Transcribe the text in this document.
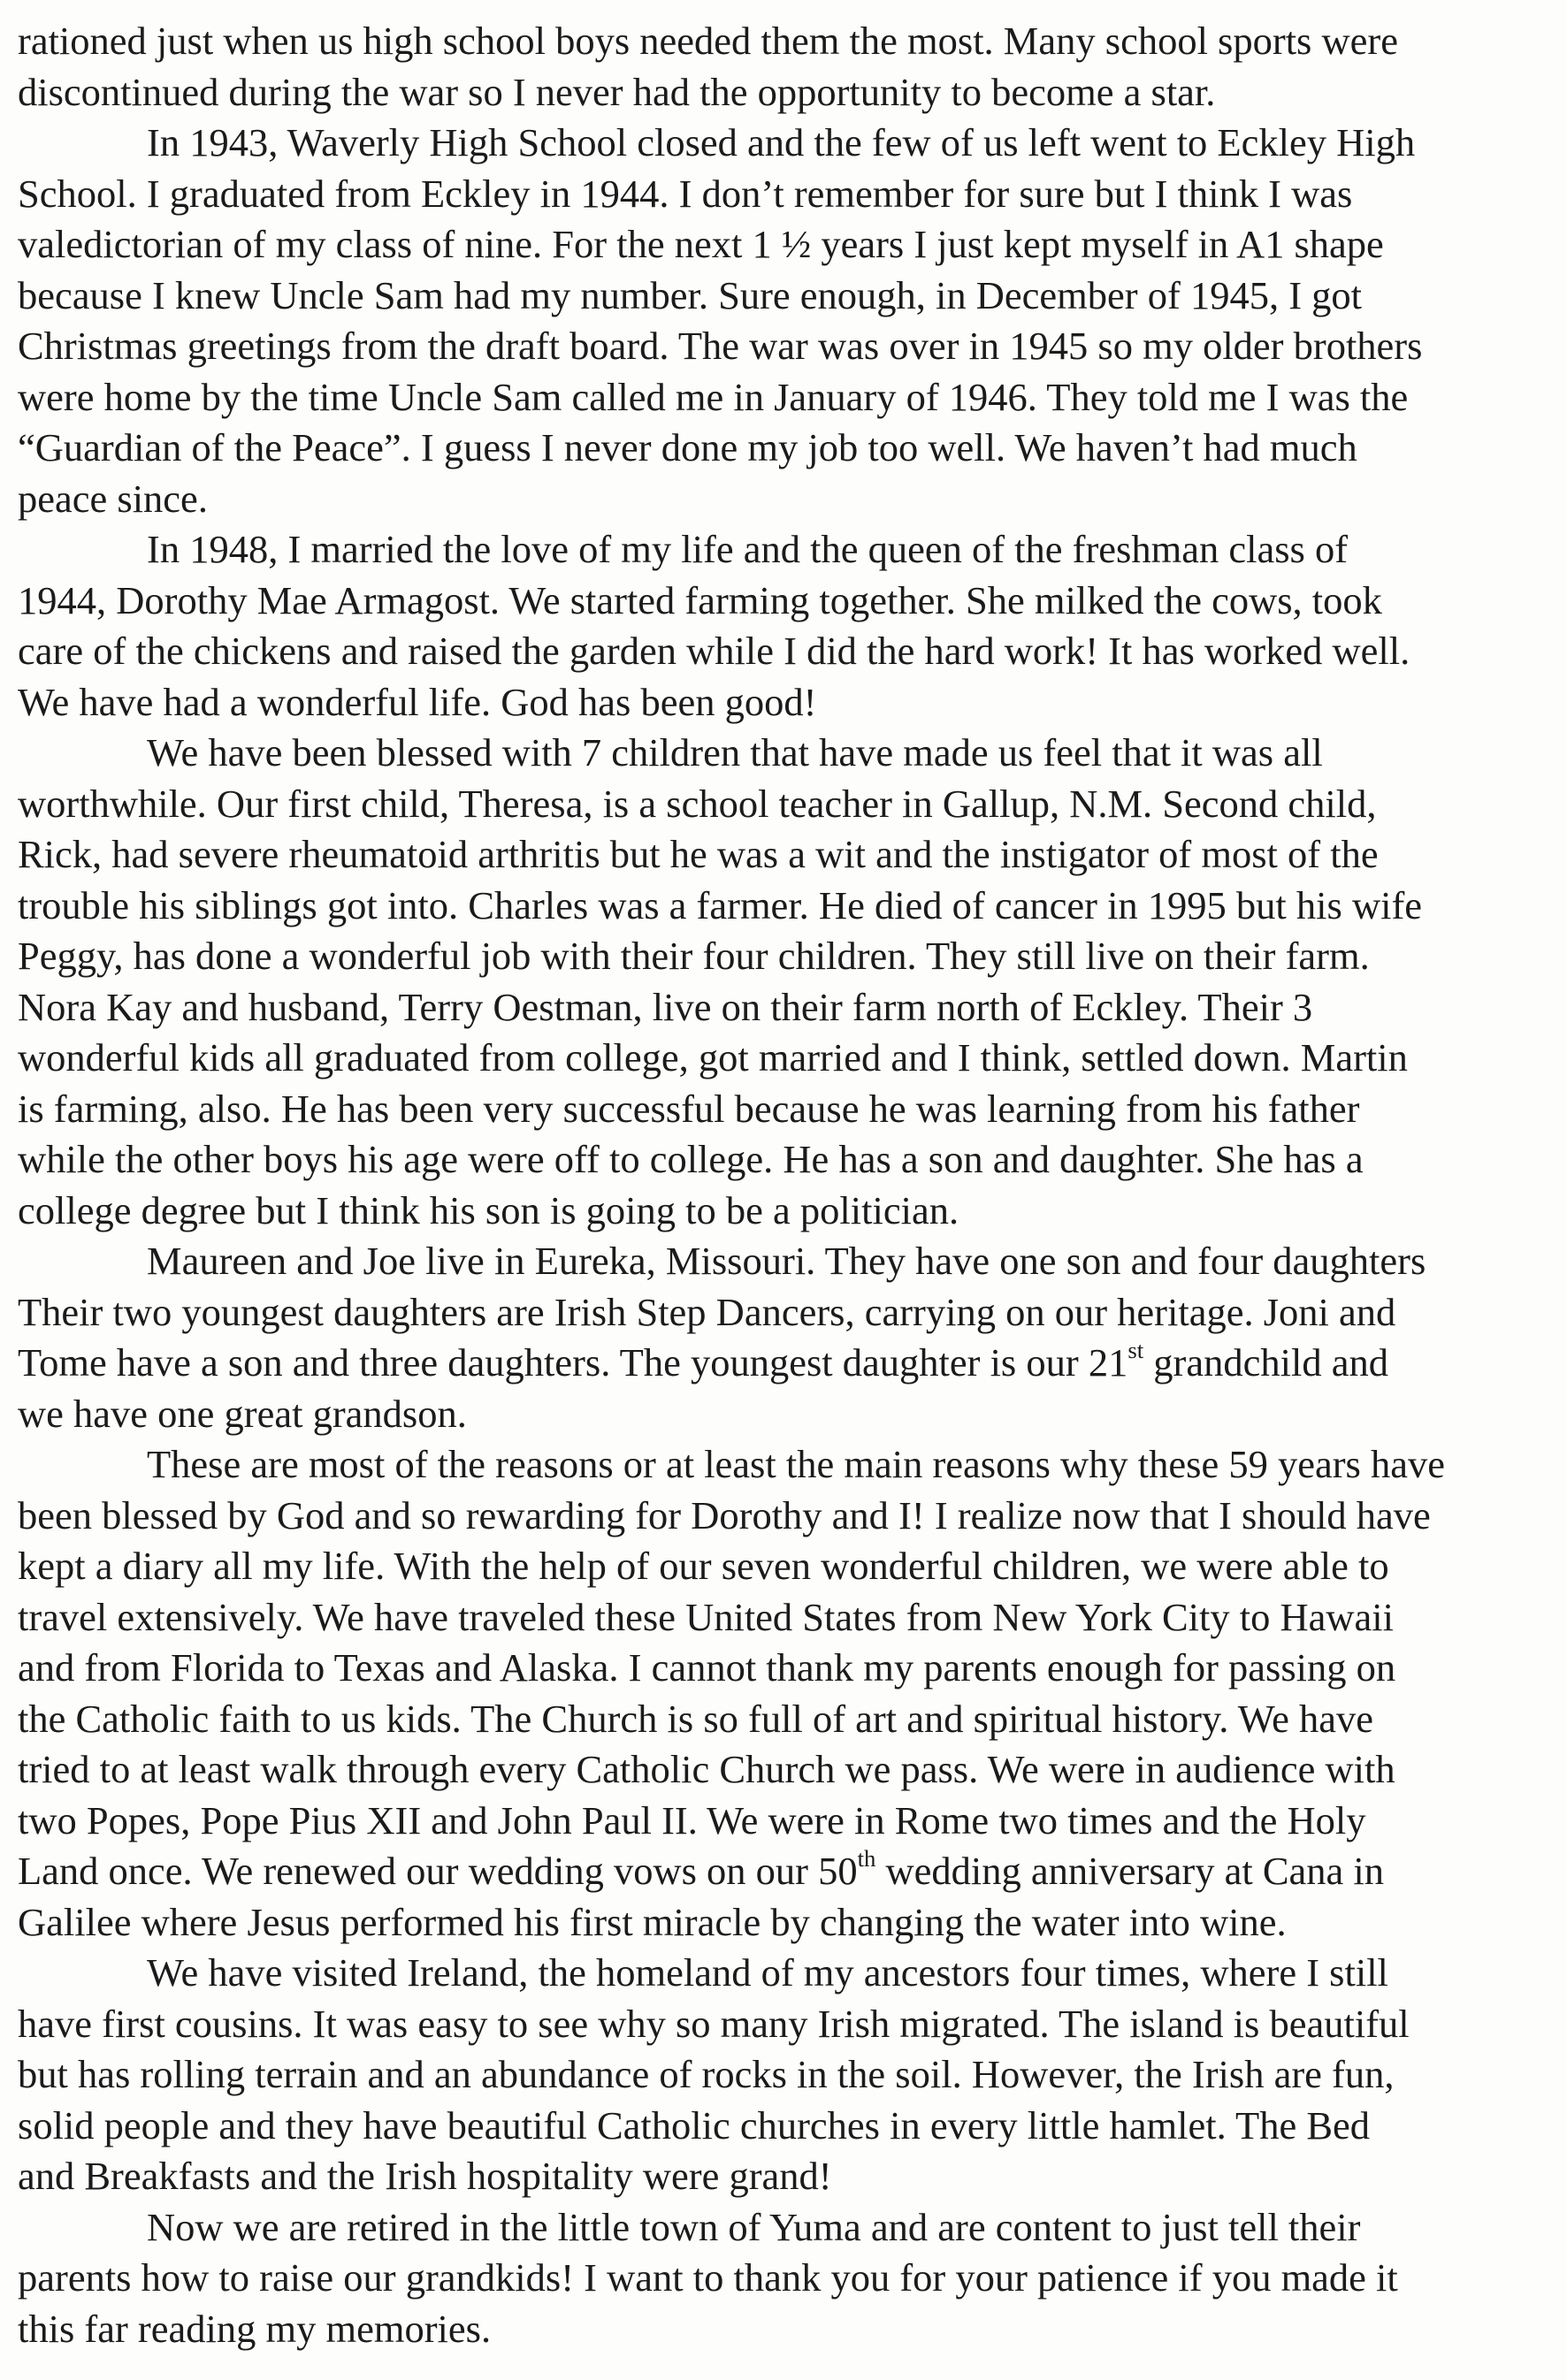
rationed just when us high school boys needed them the most. Many school sports were
discontinued during the war so I never had the opportunity to become a star.
In 1943, Waverly High School closed and the few of us left went to Eckley High
School. I graduated from Eckley in 1944. I don’t remember for sure but I think I was
valedictorian of my class of nine. For the next 1 ½ years I just kept myself in A1 shape
because I knew Uncle Sam had my number. Sure enough, in December of 1945, I got
Christmas greetings from the draft board. The war was over in 1945 so my older brothers
were home by the time Uncle Sam called me in January of 1946. They told me I was the
“Guardian of the Peace”. I guess I never done my job too well. We haven’t had much
peace since.
In 1948, I married the love of my life and the queen of the freshman class of
1944, Dorothy Mae Armagost. We started farming together. She milked the cows, took
care of the chickens and raised the garden while I did the hard work! It has worked well.
We have had a wonderful life. God has been good!
We have been blessed with 7 children that have made us feel that it was all
worthwhile. Our first child, Theresa, is a school teacher in Gallup, N.M. Second child,
Rick, had severe rheumatoid arthritis but he was a wit and the instigator of most of the
trouble his siblings got into. Charles was a farmer. He died of cancer in 1995 but his wife
Peggy, has done a wonderful job with their four children. They still live on their farm.
Nora Kay and husband, Terry Oestman, live on their farm north of Eckley. Their 3
wonderful kids all graduated from college, got married and I think, settled down. Martin
is farming, also. He has been very successful because he was learning from his father
while the other boys his age were off to college. He has a son and daughter. She has a
college degree but I think his son is going to be a politician.
Maureen and Joe live in Eureka, Missouri. They have one son and four daughters
Their two youngest daughters are Irish Step Dancers, carrying on our heritage. Joni and
Tome have a son and three daughters. The youngest daughter is our 21st grandchild and
we have one great grandson.
These are most of the reasons or at least the main reasons why these 59 years have
been blessed by God and so rewarding for Dorothy and I! I realize now that I should have
kept a diary all my life. With the help of our seven wonderful children, we were able to
travel extensively. We have traveled these United States from New York City to Hawaii
and from Florida to Texas and Alaska. I cannot thank my parents enough for passing on
the Catholic faith to us kids. The Church is so full of art and spiritual history. We have
tried to at least walk through every Catholic Church we pass. We were in audience with
two Popes, Pope Pius XII and John Paul II. We were in Rome two times and the Holy
Land once. We renewed our wedding vows on our 50th wedding anniversary at Cana in
Galilee where Jesus performed his first miracle by changing the water into wine.
We have visited Ireland, the homeland of my ancestors four times, where I still
have first cousins. It was easy to see why so many Irish migrated. The island is beautiful
but has rolling terrain and an abundance of rocks in the soil. However, the Irish are fun,
solid people and they have beautiful Catholic churches in every little hamlet. The Bed
and Breakfasts and the Irish hospitality were grand!
Now we are retired in the little town of Yuma and are content to just tell their
parents how to raise our grandkids! I want to thank you for your patience if you made it
this far reading my memories.
